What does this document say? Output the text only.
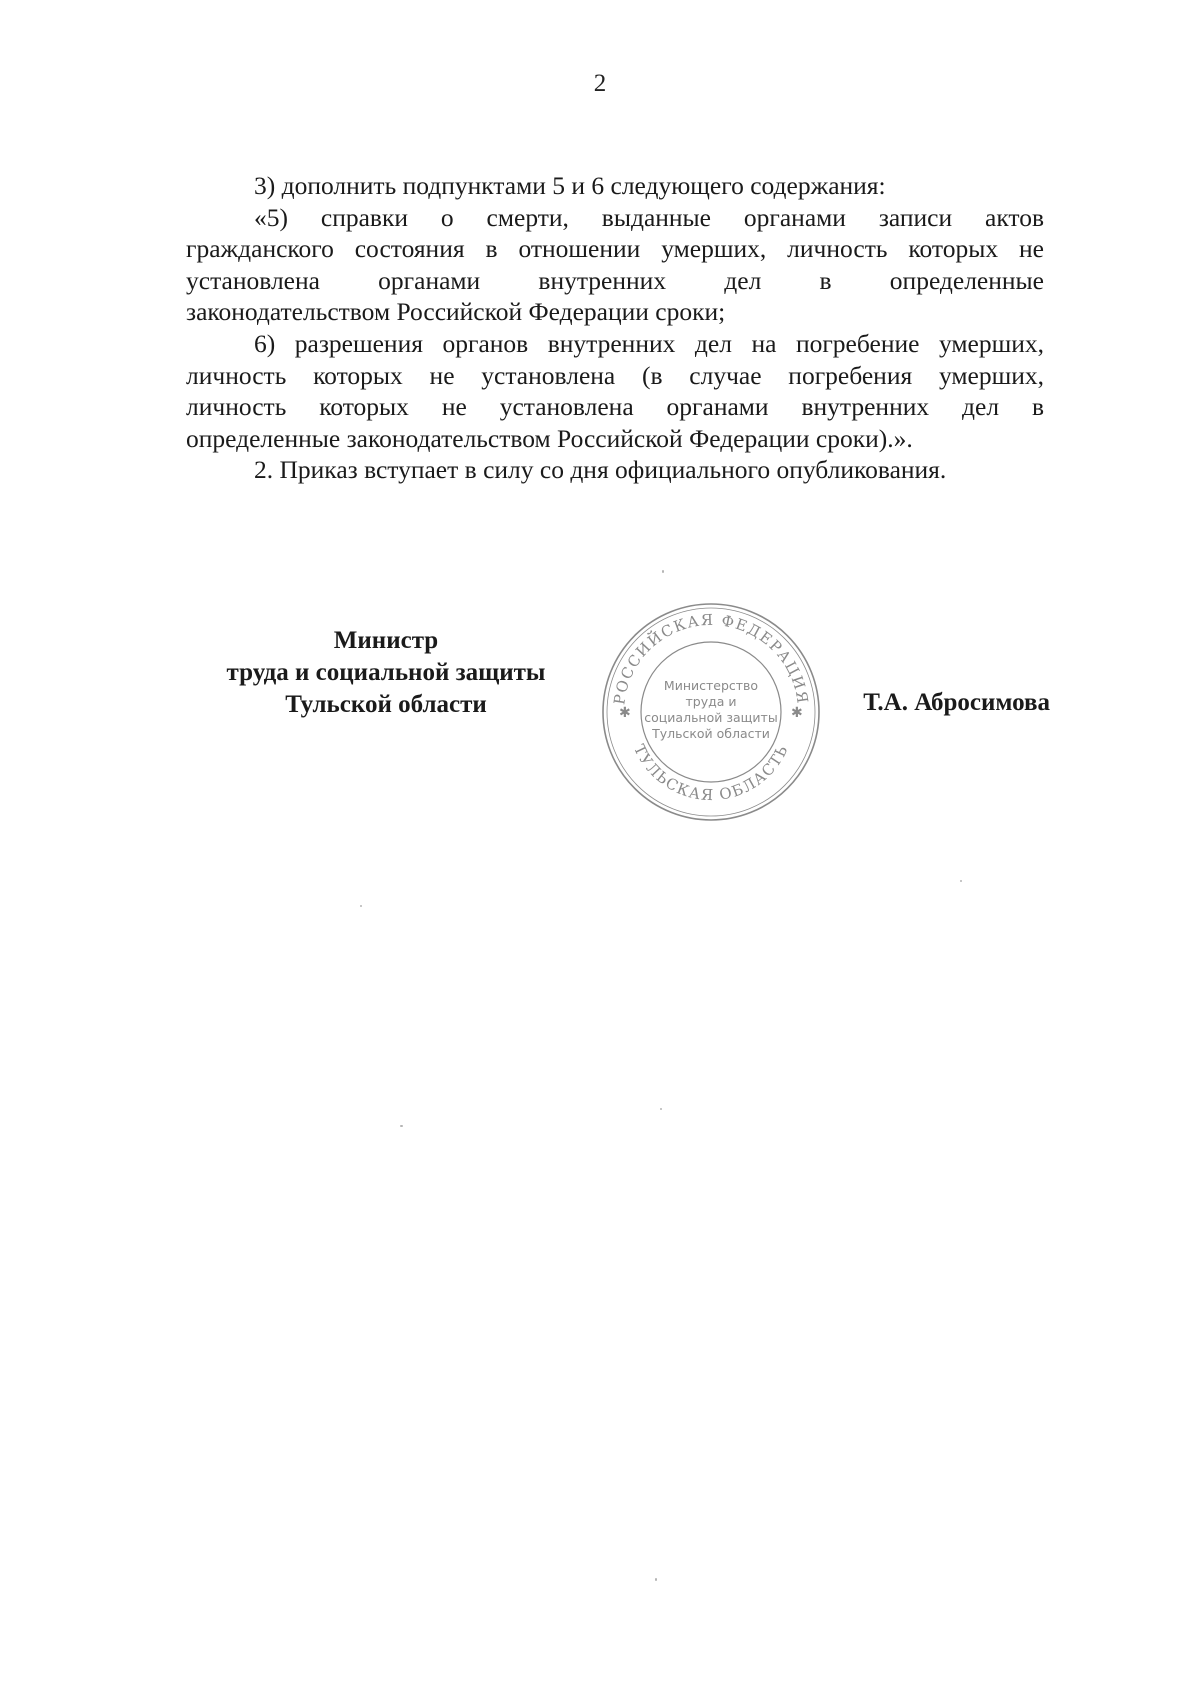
2

3) дополнить подпунктами 5 и 6 следующего содержания:

«5) справки о смерти, выданные органами записи актов
гражданского состояния в отношении умерших, личность которых не
установлена органами внутренних дел в определенные
законодательством Российской Федерации сроки;
6) разрешения органов внутренних дел на погребение умерших,
личность которых не установлена (в случае погребения умерших,
личность которых не установлена органами внутренних дел в
определенные законодательством Российской Федерации сроки).».

2. Приказ вступает в силу со дня официального опубликования.

Министр
труда и социальной защиты
Тульской области	РОССИЙСКАЯ ФЕДЕРАЦИЯ
ТУЛЬСКАЯ ОБЛАСТЬ
✱	✱
Министерство
труда и
социальной защиты
Тульской области
Т.А. Абросимова
